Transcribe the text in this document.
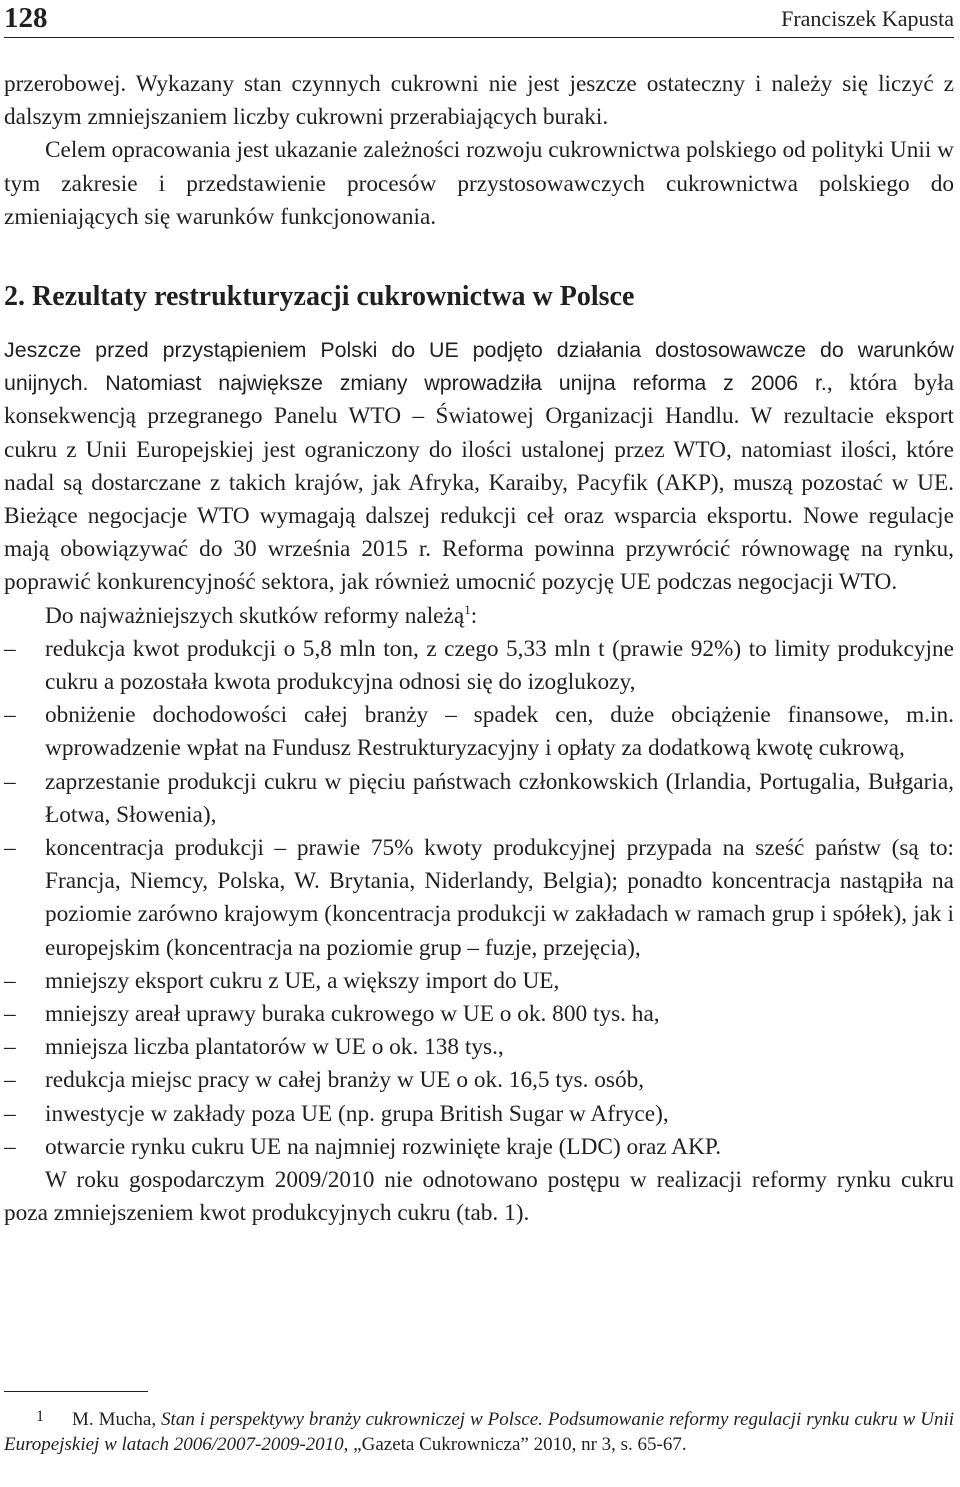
128	Franciszek Kapusta

przerobowej. Wykazany stan czynnych cukrowni nie jest jeszcze ostateczny i należy się liczyć z dalszym zmniejszaniem liczby cukrowni przerabiających buraki.

Celem opracowania jest ukazanie zależności rozwoju cukrownictwa polskiego od polityki Unii w tym zakresie i przedstawienie procesów przystosowawczych cukrownictwa polskiego do zmieniających się warunków funkcjonowania.

2. Rezultaty restrukturyzacji cukrownictwa w Polsce

Jeszcze przed przystąpieniem Polski do UE podjęto działania dostosowawcze do warunków unijnych. Natomiast największe zmiany wprowadziła unijna reforma z 2006 r., która była konsekwencją przegranego Panelu WTO – Światowej Organizacji Handlu. W rezultacie eksport cukru z Unii Europejskiej jest ograniczony do ilości ustalonej przez WTO, natomiast ilości, które nadal są dostarczane z takich krajów, jak Afryka, Karaiby, Pacyfik (AKP), muszą pozostać w UE. Bieżące negocjacje WTO wymagają dalszej redukcji ceł oraz wsparcia eksportu. Nowe regulacje mają obowiązywać do 30 września 2015 r. Reforma powinna przywrócić równowagę na rynku, poprawić konkurencyjność sektora, jak również umocnić pozycję UE podczas negocjacji WTO.

Do najważniejszych skutków reformy należą$^1$:

– redukcja kwot produkcji o 5,8 mln ton, z czego 5,33 mln t (prawie 92%) to limity produkcyjne cukru a pozostała kwota produkcyjna odnosi się do izoglukozy,
– obniżenie dochodowości całej branży – spadek cen, duże obciążenie finansowe, m.in. wprowadzenie wpłat na Fundusz Restrukturyzacyjny i opłaty za dodatkową kwotę cukrową,
– zaprzestanie produkcji cukru w pięciu państwach członkowskich (Irlandia, Portugalia, Bułgaria, Łotwa, Słowenia),
– koncentracja produkcji – prawie 75% kwoty produkcyjnej przypada na sześć państw (są to: Francja, Niemcy, Polska, W. Brytania, Niderlandy, Belgia); ponadto koncentracja nastąpiła na poziomie zarówno krajowym (koncentracja produkcji w zakładach w ramach grup i spółek), jak i europejskim (koncentracja na poziomie grup – fuzje, przejęcia),
– mniejszy eksport cukru z UE, a większy import do UE,
– mniejszy areał uprawy buraka cukrowego w UE o ok. 800 tys. ha,
– mniejsza liczba plantatorów w UE o ok. 138 tys.,
– redukcja miejsc pracy w całej branży w UE o ok. 16,5 tys. osób,
– inwestycje w zakłady poza UE (np. grupa British Sugar w Afryce),
– otwarcie rynku cukru UE na najmniej rozwinięte kraje (LDC) oraz AKP.

W roku gospodarczym 2009/2010 nie odnotowano postępu w realizacji reformy rynku cukru poza zmniejszeniem kwot produkcyjnych cukru (tab. 1).

1 M. Mucha, Stan i perspektywy branży cukrowniczej w Polsce. Podsumowanie reformy regulacji rynku cukru w Unii Europejskiej w latach 2006/2007-2009-2010, „Gazeta Cukrownicza” 2010, nr 3, s. 65-67.
